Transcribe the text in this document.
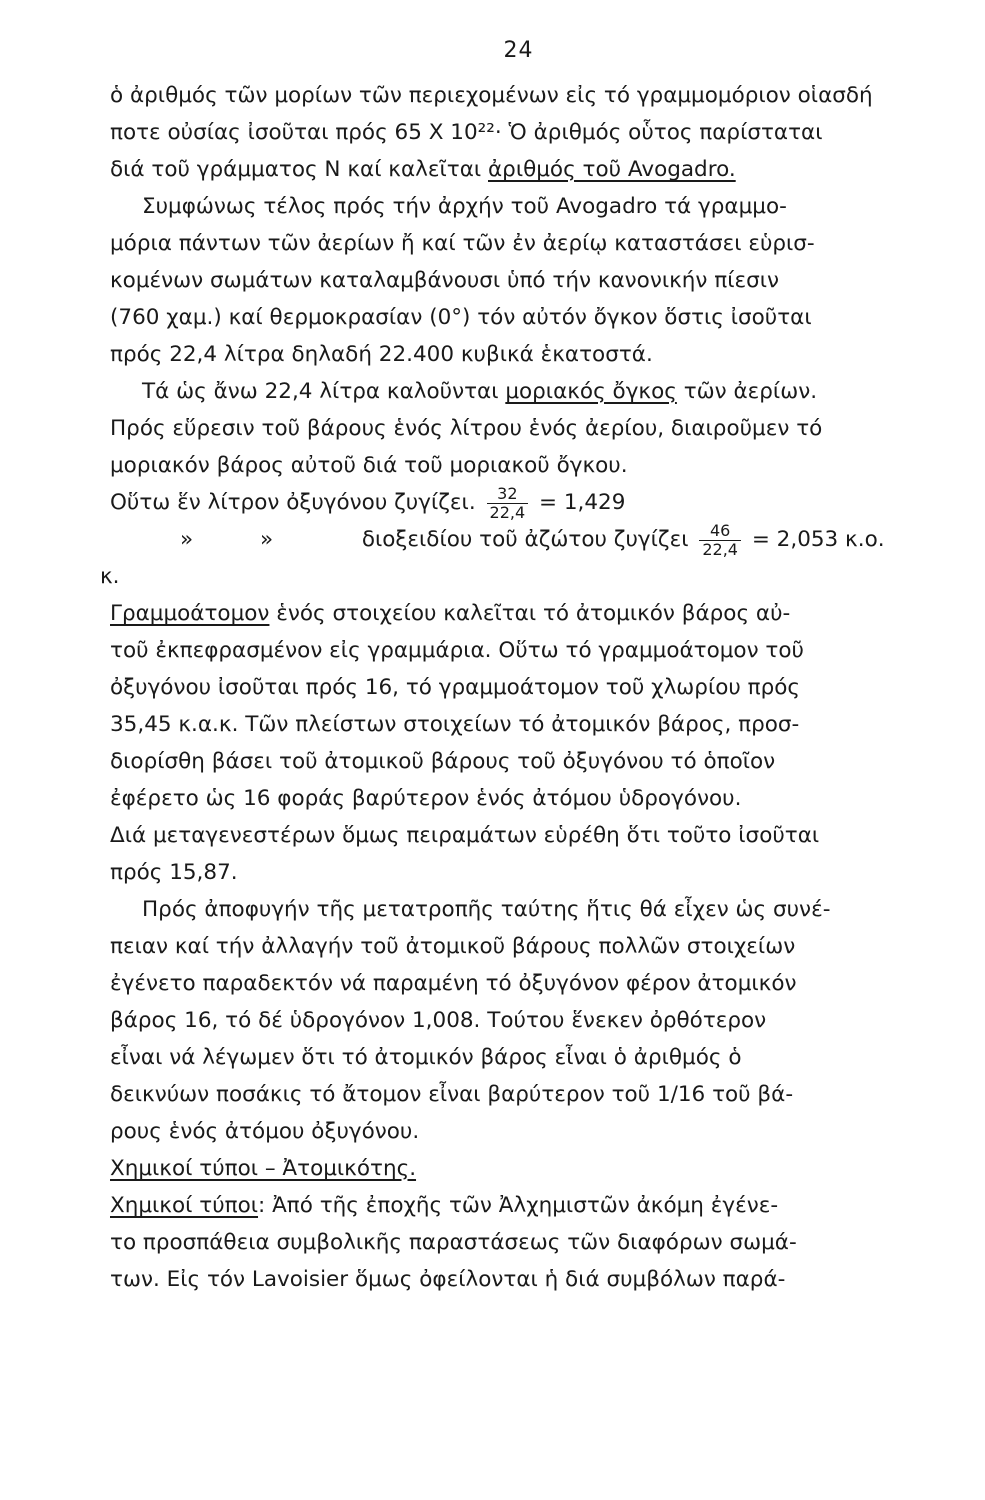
24
ὁ ἀριθμός τῶν μορίων τῶν περιεχομένων εἰς τό γραμμομόριον οἱασδή
ποτε οὐσίας ἰσοῦται πρός 65 X 10²²· Ὁ ἀριθμός οὗτος παρίσταται
διά τοῦ γράμματος N καί καλεῖται ἀριθμός τοῦ Avogadro.
Συμφώνως τέλος πρός τήν ἀρχήν τοῦ Avogadro τά γραμμο-
μόρια πάντων τῶν ἀερίων ἤ καί τῶν ἐν ἀερίῳ καταστάσει εὑρισ-
κομένων σωμάτων καταλαμβάνουσι ὑπό τήν κανονικήν πίεσιν
(760 χαμ.) καί θερμοκρασίαν (0°) τόν αὐτόν ὄγκον ὅστις ἰσοῦται
πρός 22,4 λίτρα δηλαδή 22.400 κυβικά ἑκατοστά.
Τά ὡς ἄνω 22,4 λίτρα καλοῦνται μοριακός ὄγκος τῶν ἀερίων.
Πρός εὕρεσιν τοῦ βάρους ἑνός λίτρου ἑνός ἀερίου, διαιροῦμεν τό
μοριακόν βάρος αὐτοῦ διά τοῦ μοριακοῦ ὄγκου.
Οὕτω ἕν λίτρον ὀξυγόνου ζυγίζει. $\frac{32}{22,4} = 1,429$
» »	διοξειδίου τοῦ ἀζώτου ζυγίζει $\frac{46}{22,4} = 2,053$ κ.ο.
κ.
Γραμμοάτομον ἑνός στοιχείου καλεῖται τό ἀτομικόν βάρος αὐ-
τοῦ ἐκπεφρασμένον εἰς γραμμάρια. Οὕτω τό γραμμοάτομον τοῦ
ὀξυγόνου ἰσοῦται πρός 16, τό γραμμοάτομον τοῦ χλωρίου πρός
35,45 κ.α.κ. Τῶν πλείστων στοιχείων τό ἀτομικόν βάρος, προσ-
διορίσθη βάσει τοῦ ἀτομικοῦ βάρους τοῦ ὀξυγόνου τό ὁποῖον
ἐφέρετο ὡς 16 φοράς βαρύτερον ἑνός ἀτόμου ὑδρογόνου.
Διά μεταγενεστέρων ὅμως πειραμάτων εὑρέθη ὅτι τοῦτο ἰσοῦται
πρός 15,87.
Πρός ἀποφυγήν τῆς μετατροπῆς ταύτης ἥτις θά εἶχεν ὡς συνέ-
πειαν καί τήν ἀλλαγήν τοῦ ἀτομικοῦ βάρους πολλῶν στοιχείων
ἐγένετο παραδεκτόν νά παραμένη τό ὀξυγόνον φέρον ἀτομικόν
βάρος 16, τό δέ ὑδρογόνον 1,008. Τούτου ἕνεκεν ὀρθότερον
εἶναι νά λέγωμεν ὅτι τό ἀτομικόν βάρος εἶναι ὁ ἀριθμός ὁ
δεικνύων ποσάκις τό ἄτομον εἶναι βαρύτερον τοῦ 1/16 τοῦ βά-
ρους ἑνός ἀτόμου ὀξυγόνου.
Χημικοί τύποι – Ἀτομικότης.
Χημικοί τύποι: Ἀπό τῆς ἐποχῆς τῶν Ἀλχημιστῶν ἀκόμη ἐγένε-
το προσπάθεια συμβολικῆς παραστάσεως τῶν διαφόρων σωμά-
των. Εἰς τόν Lavoisier ὅμως ὀφείλονται ἡ διά συμβόλων παρά-
